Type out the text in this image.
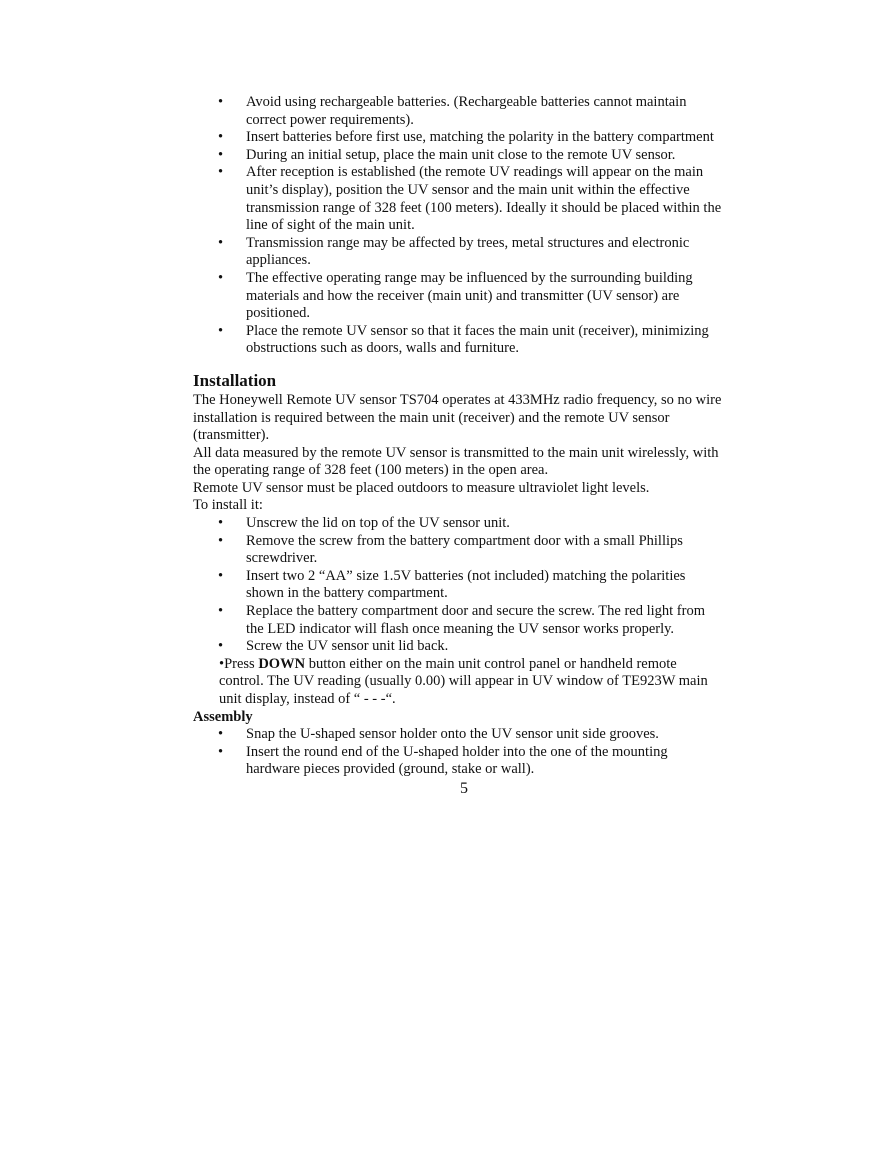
• Avoid using rechargeable batteries. (Rechargeable batteries cannot maintain correct power requirements).
• Insert batteries before first use, matching the polarity in the battery compartment
• During an initial setup, place the main unit close to the remote UV sensor.
• After reception is established (the remote UV readings will appear on the main unit’s display), position the UV sensor and the main unit within the effective transmission range of 328 feet (100 meters). Ideally it should be placed within the line of sight of the main unit.
• Transmission range may be affected by trees, metal structures and electronic appliances.
• The effective operating range may be influenced by the surrounding building materials and how the receiver (main unit) and transmitter (UV sensor) are positioned.
• Place the remote UV sensor so that it faces the main unit (receiver), minimizing obstructions such as doors, walls and furniture.
Installation

The Honeywell Remote UV sensor TS704 operates at 433MHz radio frequency, so no wire installation is required between the main unit (receiver) and the remote UV sensor (transmitter).

All data measured by the remote UV sensor is transmitted to the main unit wirelessly, with the operating range of 328 feet (100 meters) in the open area.

Remote UV sensor must be placed outdoors to measure ultraviolet light levels.

To install it:

• Unscrew the lid on top of the UV sensor unit.
• Remove the screw from the battery compartment door with a small Phillips screwdriver.
• Insert two 2 “AA” size 1.5V batteries (not included) matching the polarities shown in the battery compartment.
• Replace the battery compartment door and secure the screw. The red light from the LED indicator will flash once meaning the UV sensor works properly.
• Screw the UV sensor unit lid back.

•Press DOWN button either on the main unit control panel or handheld remote control. The UV reading (usually 0.00) will appear in UV window of TE923W main unit display, instead of “ - - -“.

Assembly
• Snap the U-shaped sensor holder onto the UV sensor unit side grooves.
• Insert the round end of the U-shaped holder into the one of the mounting hardware pieces provided (ground, stake or wall).
5
